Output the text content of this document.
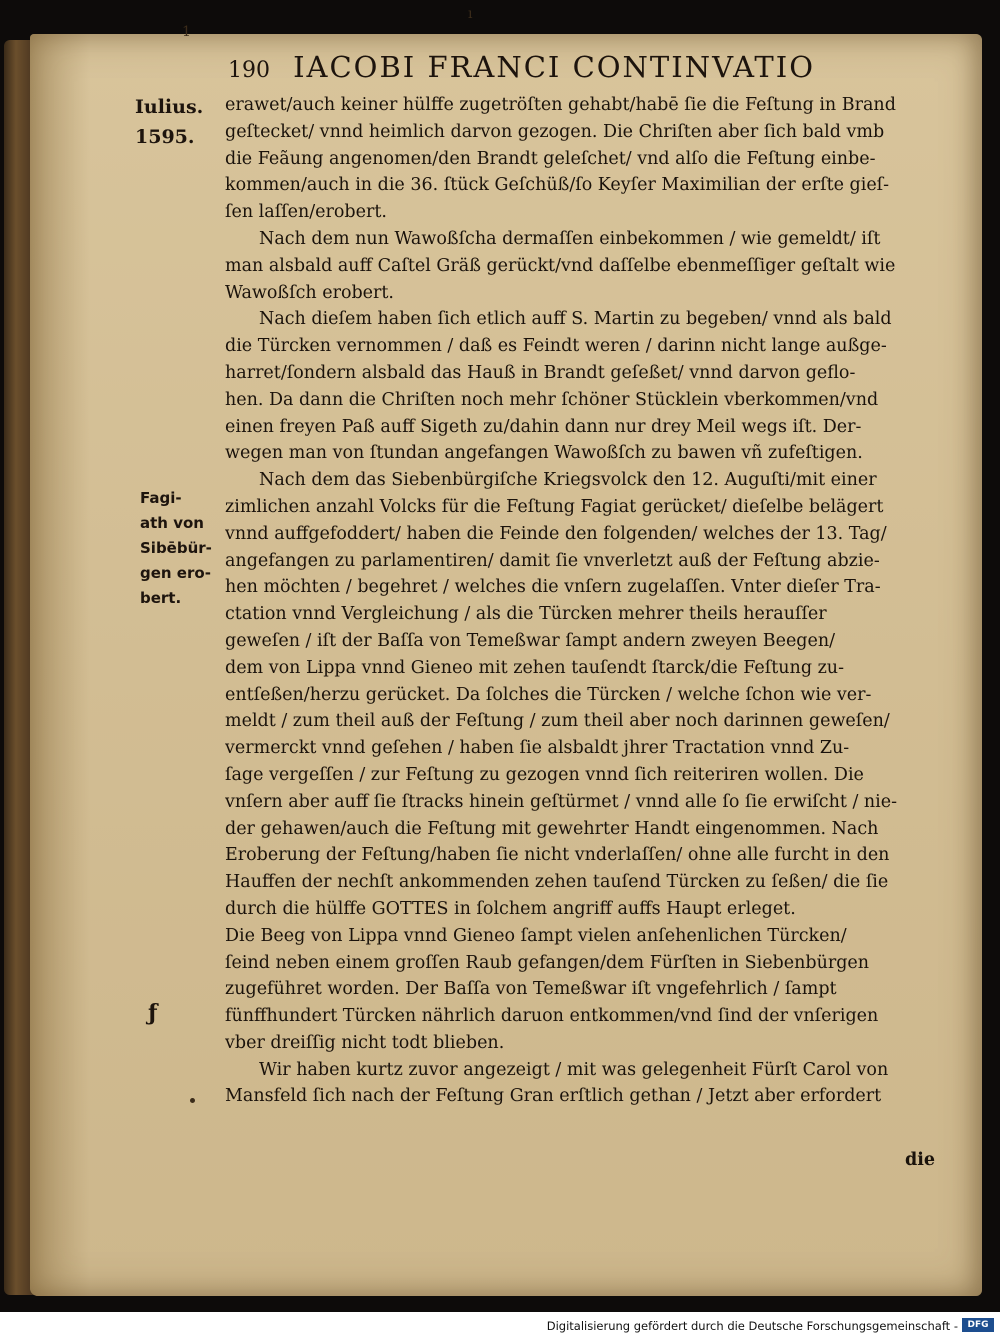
ı
1
190 IACOBI FRANCI CONTINVATIO
Iulius.
1595.
Fagi-
ath von
Sibēbür-
gen ero-
bert.
ƒ
erawet/auch keiner hülffe zugetröſten gehabt/habē ſie die Feſtung in Brand
geſtecket/ vnnd heimlich darvon gezogen. Die Chriſten aber ſich bald vmb
die Feãung angenomen/den Brandt geleſchet/ vnd alſo die Feſtung einbe-
kommen/auch in die 36. ſtück Geſchüß/ſo Keyſer Maximilian der erſte gieſ-
ſen laſſen/erobert.
Nach dem nun Wawoßſcha dermaſſen einbekommen / wie gemeldt/ iſt
man alsbald auff Caſtel Gräß gerückt/vnd daſſelbe ebenmeſſiger geſtalt wie
Wawoßſch erobert.
Nach dieſem haben ſich etlich auff S. Martin zu begeben/ vnnd als bald
die Türcken vernommen / daß es Feindt weren / darinn nicht lange außge-
harret/ſondern alsbald das Hauß in Brandt geſeßet/ vnnd darvon geflo-
hen. Da dann die Chriſten noch mehr ſchöner Stücklein vberkommen/vnd
einen freyen Paß auff Sigeth zu/dahin dann nur drey Meil wegs iſt. Der-
wegen man von ſtundan angefangen Wawoßſch zu bawen vñ zufeſtigen.
Nach dem das Siebenbürgiſche Kriegsvolck den 12. Auguſti/mit einer
zimlichen anzahl Volcks für die Feſtung Fagiat gerücket/ dieſelbe belägert
vnnd auffgefoddert/ haben die Feinde den folgenden/ welches der 13. Tag/
angefangen zu parlamentiren/ damit ſie vnverletzt auß der Feſtung abzie-
hen möchten / begehret / welches die vnſern zugelaſſen. Vnter dieſer Tra-
ctation vnnd Vergleichung / als die Türcken mehrer theils herauſſer
geweſen / iſt der Baſſa von Temeßwar ſampt andern zweyen Beegen/
dem von Lippa vnnd Gieneo mit zehen tauſendt ſtarck/die Feſtung zu-
entſeßen/herzu gerücket. Da ſolches die Türcken / welche ſchon wie ver-
meldt / zum theil auß der Feſtung / zum theil aber noch darinnen geweſen/
vermerckt vnnd geſehen / haben ſie alsbaldt jhrer Tractation vnnd Zu-
ſage vergeſſen / zur Feſtung zu gezogen vnnd ſich reiteriren wollen. Die
vnſern aber auff ſie ſtracks hinein geſtürmet / vnnd alle ſo ſie erwiſcht / nie-
der gehawen/auch die Feſtung mit gewehrter Handt eingenommen. Nach
Eroberung der Feſtung/haben ſie nicht vnderlaſſen/ ohne alle furcht in den
Hauffen der nechſt ankommenden zehen tauſend Türcken zu ſeßen/ die ſie
durch die hülffe GOTTES in ſolchem angriff auffs Haupt erleget.
Die Beeg von Lippa vnnd Gieneo ſampt vielen anſehenlichen Türcken/
ſeind neben einem groſſen Raub gefangen/dem Fürſten in Siebenbürgen
zugeführet worden. Der Baſſa von Temeßwar iſt vngefehrlich / ſampt
fünffhundert Türcken nährlich daruon entkommen/vnd ſind der vnſerigen
vber dreiſſig nicht todt blieben.
Wir haben kurtz zuvor angezeigt / mit was gelegenheit Fürſt Carol von
Mansfeld ſich nach der Feſtung Gran erſtlich gethan / Jetzt aber erfordert
die
Digitalisierung gefördert durch die Deutsche Forschungsgemeinschaft -	DFG
